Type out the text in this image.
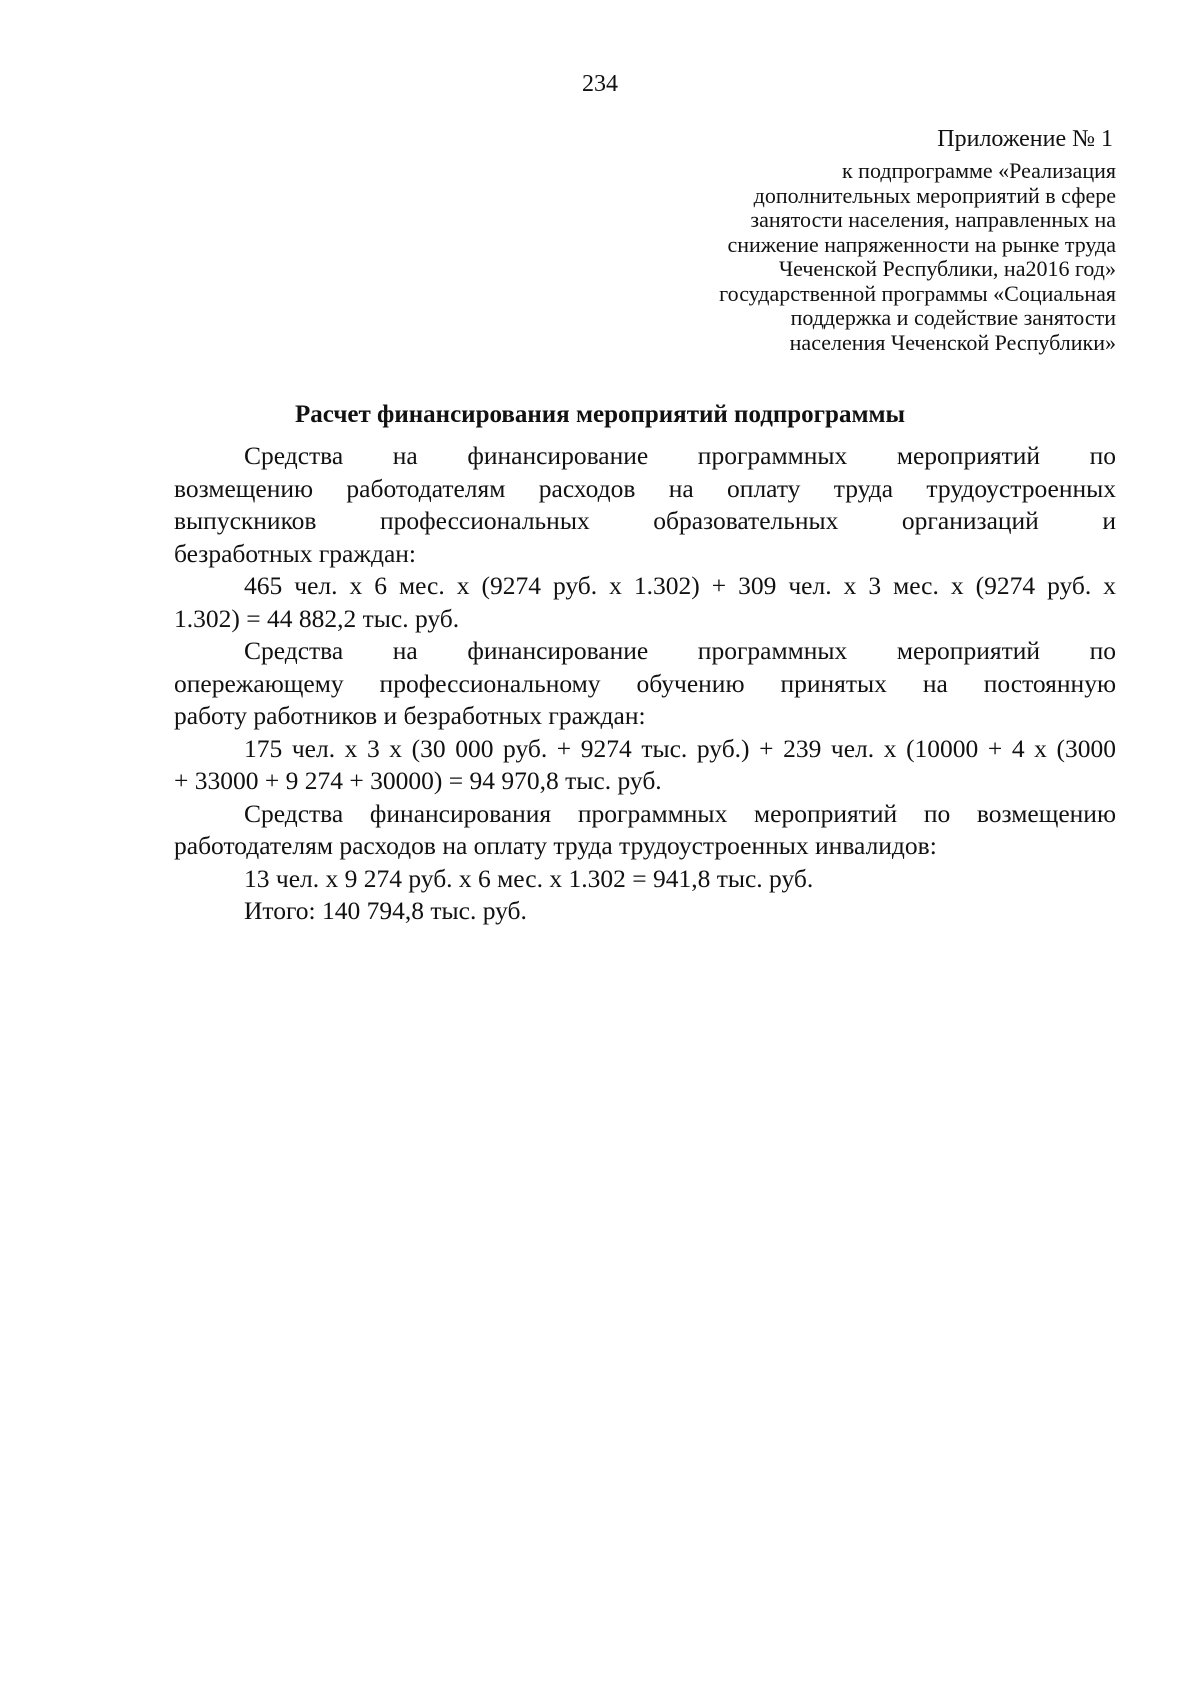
234
Приложение № 1
к подпрограмме «Реализация
дополнительных мероприятий в сфере
занятости населения, направленных на
снижение напряженности на рынке труда
Чеченской Республики, на2016 год»
государственной программы «Социальная
поддержка и содействие занятости
населения Чеченской Республики»
Расчет финансирования мероприятий подпрограммы
Средства на финансирование программных мероприятий по
возмещению работодателям расходов на оплату труда трудоустроенных
выпускников профессиональных образовательных организаций и
безработных граждан:
465 чел. х 6 мес. х (9274 руб. х 1.302) + 309 чел. х 3 мес. х (9274 руб. х
1.302) = 44 882,2 тыс. руб.
Средства на финансирование программных мероприятий по
опережающему профессиональному обучению принятых на постоянную
работу работников и безработных граждан:
175 чел. х 3 х (30 000 руб. + 9274 тыс. руб.) + 239 чел. х (10000 + 4 х (3000
+ 33000 + 9 274 + 30000) = 94 970,8 тыс. руб.
Средства финансирования программных мероприятий по возмещению
работодателям расходов на оплату труда трудоустроенных инвалидов:
13 чел. х 9 274 руб. х 6 мес. х 1.302 = 941,8 тыс. руб.
Итого: 140 794,8 тыс. руб.
